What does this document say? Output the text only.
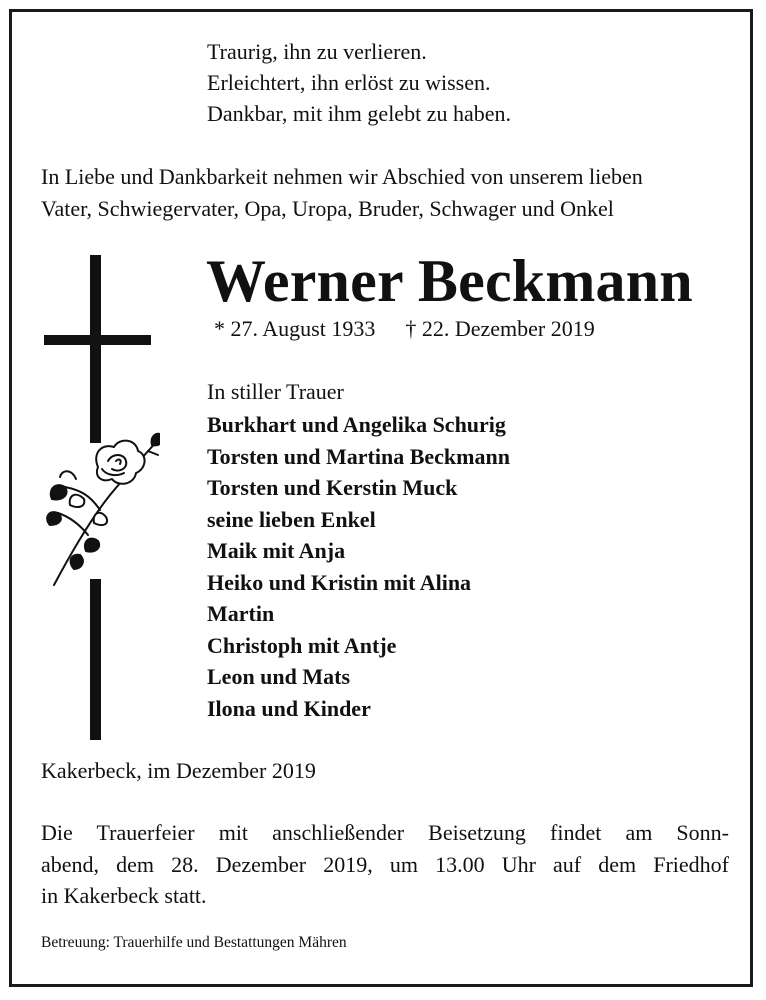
Traurig, ihn zu verlieren.
Erleichtert, ihn erlöst zu wissen.
Dankbar, mit ihm gelebt zu haben.
In Liebe und Dankbarkeit nehmen wir Abschied von unserem lieben
Vater, Schwiegervater, Opa, Uropa, Bruder, Schwager und Onkel
Werner Beckmann
* 27. August 1933 † 22. Dezember 2019
In stiller Trauer
Burkhart und Angelika Schurig
Torsten und Martina Beckmann
Torsten und Kerstin Muck
seine lieben Enkel
Maik mit Anja
Heiko und Kristin mit Alina
Martin
Christoph mit Antje
Leon und Mats
Ilona und Kinder
Kakerbeck, im Dezember 2019
Die Trauerfeier mit anschließender Beisetzung findet am Sonn-
abend, dem 28. Dezember 2019, um 13.00 Uhr auf dem Friedhof
in Kakerbeck statt.
Betreuung: Trauerhilfe und Bestattungen Mähren
